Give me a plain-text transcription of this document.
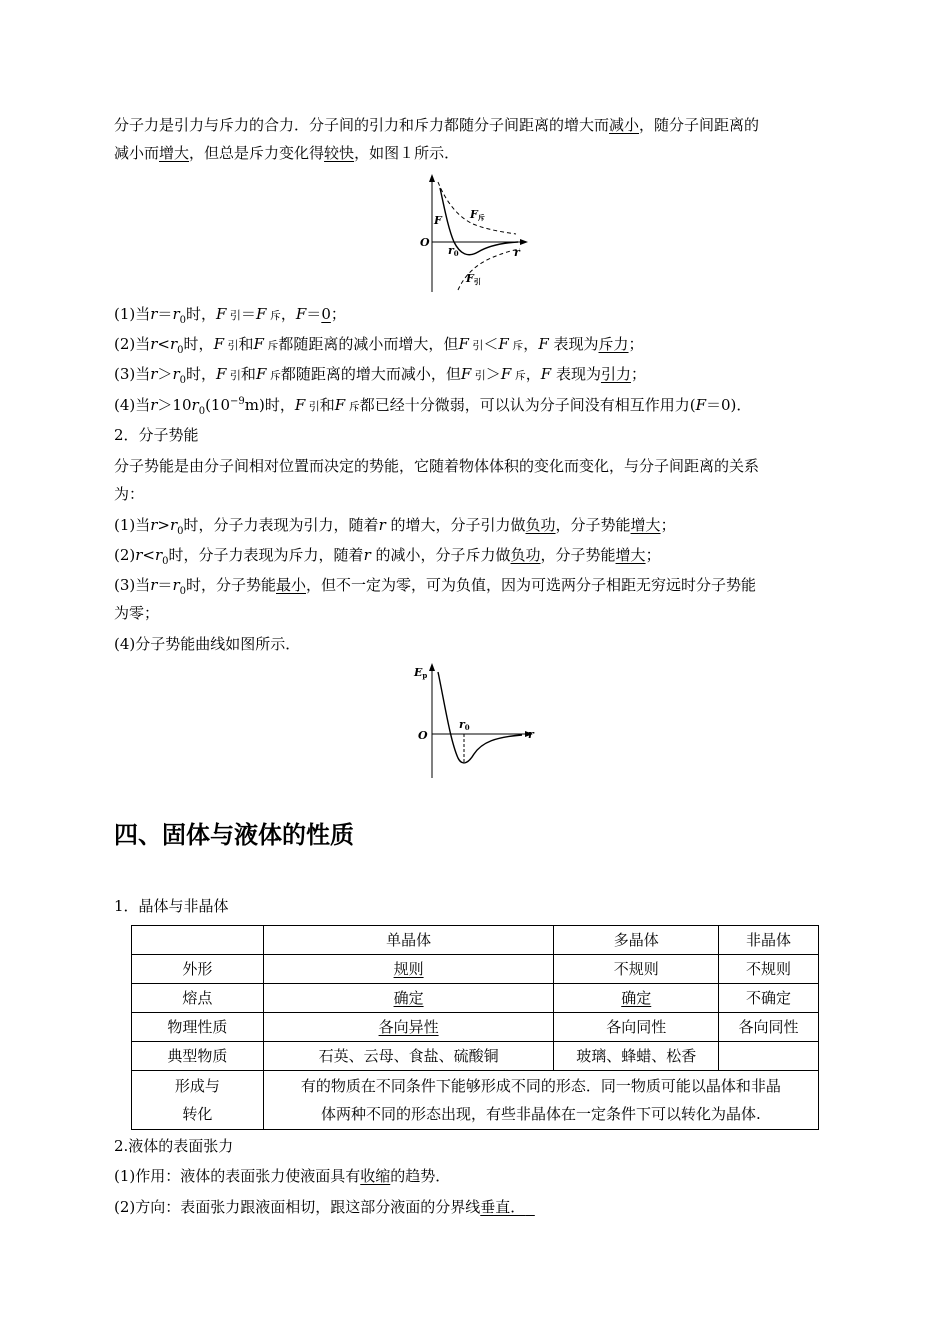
分子力是引力与斥力的合力．分子间的引力和斥力都随分子间距离的增大而减小，随分子间距离的
减小而增大，但总是斥力变化得较快，如图１所示．
F	F斥
O
r0	r
F引
(1)当$r=r_0$时，F 引＝F 斥，F＝0；
(2)当$r<r_0$时，F 引和F 斥都随距离的减小而增大，但F 引＜F 斥，F 表现为斥力；
(3)当$r>r_0$时，F 引和F 斥都随距离的增大而减小，但F 引＞F 斥，F 表现为引力；
(4)当$r>10r_0(10^{-9}m)$时，F 引和F 斥都已经十分微弱，可以认为分子间没有相互作用力(F＝0)．
2．分子势能
分子势能是由分子间相对位置而决定的势能，它随着物体体积的变化而变化，与分子间距离的关系
为：
(1)当$r>r_0$时，分子力表现为引力，随着r 的增大，分子引力做负功，分子势能增大；
$(2)r<r_0$时，分子力表现为斥力，随着r 的减小，分子斥力做负功，分子势能增大；
(3)当$r=r_0$时，分子势能最小，但不一定为零，可为负值，因为可选两分子相距无穷远时分子势能
为零；
(4)分子势能曲线如图所示．
Ep
O
r0
r
四、固体与液体的性质
1．晶体与非晶体
	单晶体	多晶体	非晶体
外形	规则	不规则	不规则
熔点	确定	确定	不确定
物理性质	各向异性	各向同性	各向同性
典型物质	石英、云母、食盐、硫酸铜	玻璃、蜂蜡、松香	
形成与
转化	有的物质在不同条件下能够形成不同的形态．同一物质可能以晶体和非晶
体两种不同的形态出现，有些非晶体在一定条件下可以转化为晶体.		
2.液体的表面张力
(1)作用：液体的表面张力使液面具有收缩的趋势．
(2)方向：表面张力跟液面相切，跟这部分液面的分界线垂直．
